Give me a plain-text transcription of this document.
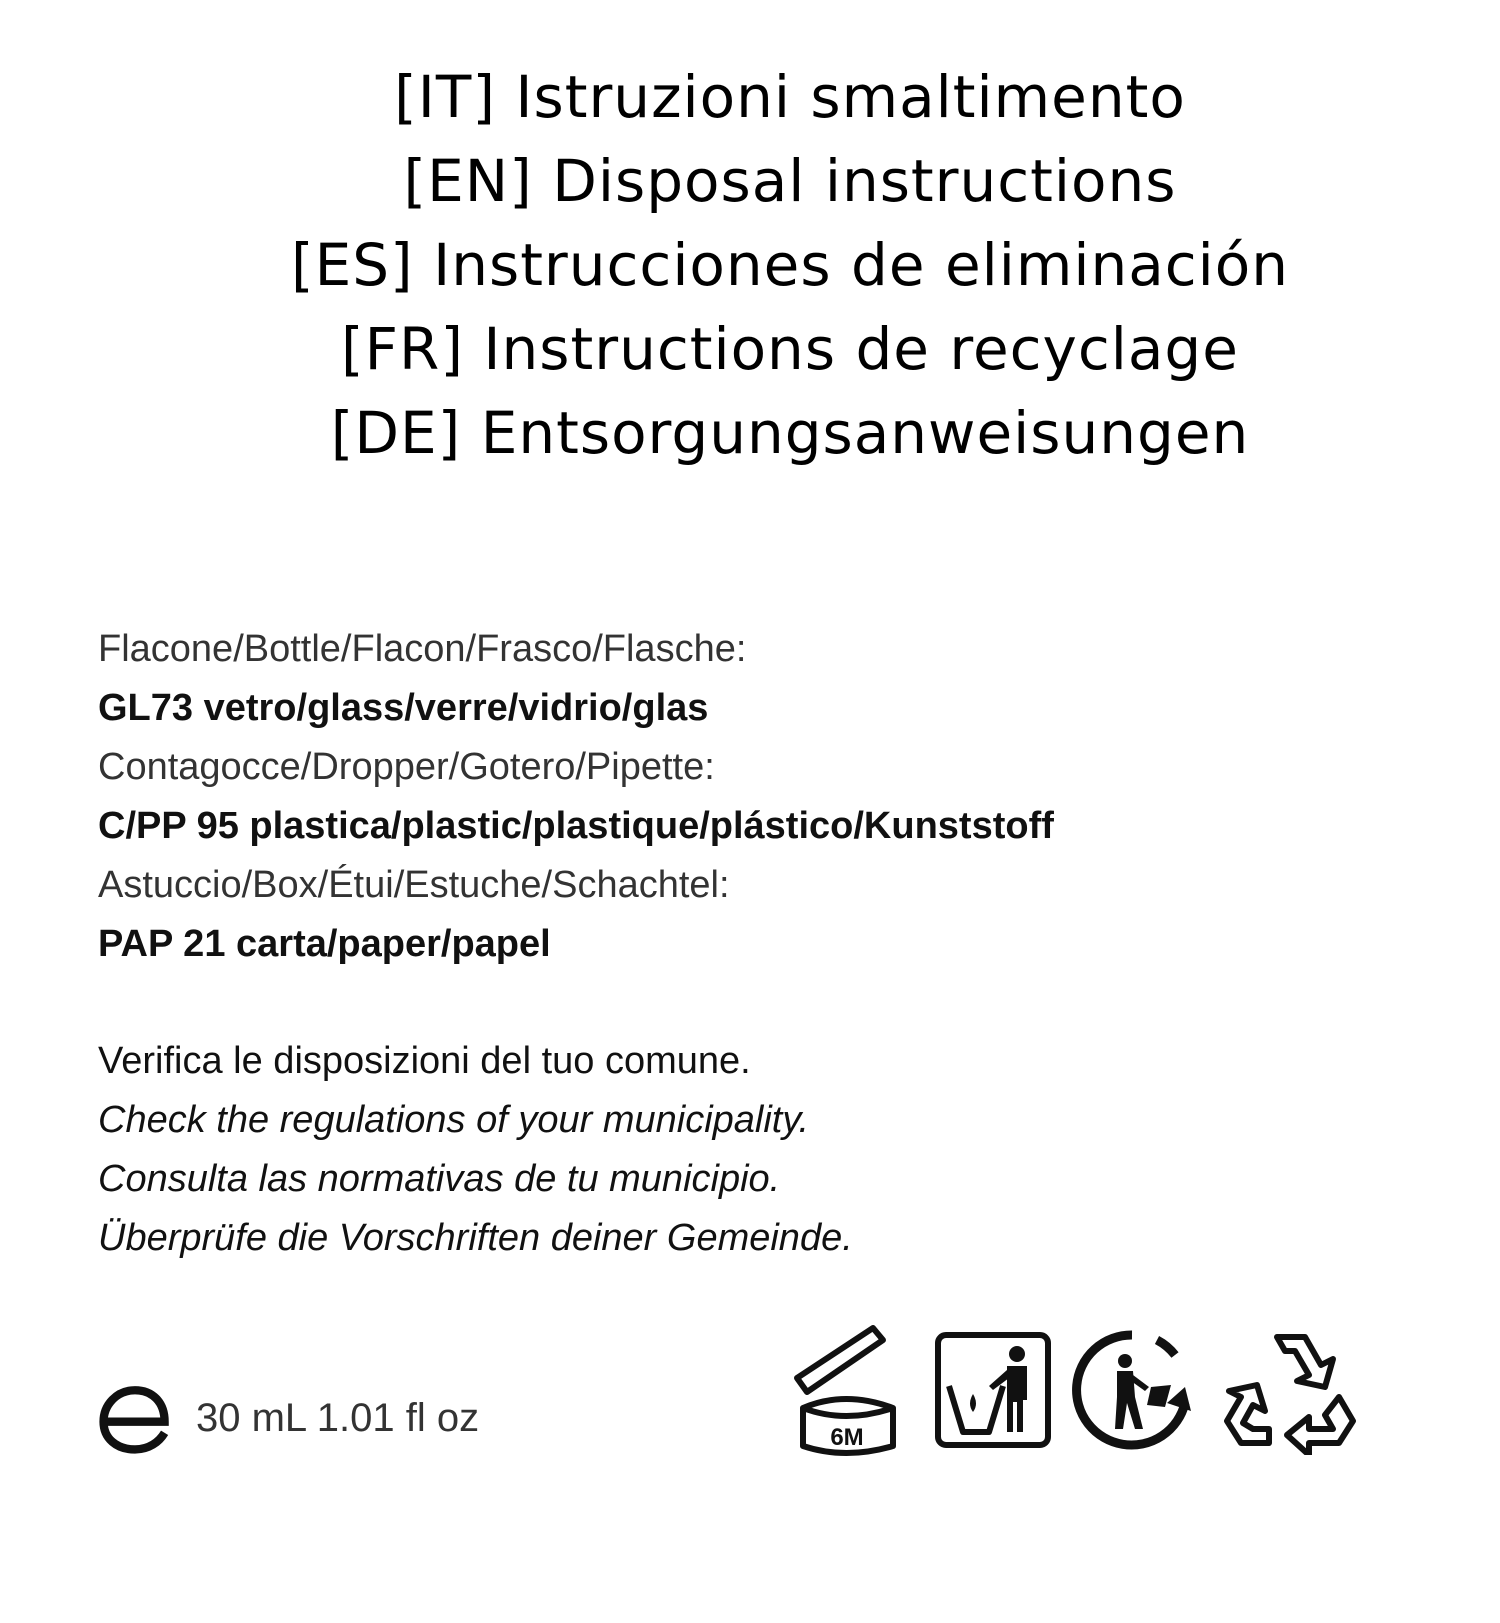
[IT] Istruzioni smaltimento
[EN] Disposal instructions
[ES] Instrucciones de eliminación
[FR] Instructions de recyclage
[DE] Entsorgungsanweisungen
Flacone/Bottle/Flacon/Frasco/Flasche:
GL73 vetro/glass/verre/vidrio/glas
Contagocce/Dropper/Gotero/Pipette:
C/PP 95 plastica/plastic/plastique/plástico/Kunststoff
Astuccio/Box/Étui/Estuche/Schachtel:
PAP 21 carta/paper/papel
Verifica le disposizioni del tuo comune.
Check the regulations of your municipality.
Consulta las normativas de tu municipio.
Überprüfe die Vorschriften deiner Gemeinde.
30 mL 1.01 fl oz	6M
